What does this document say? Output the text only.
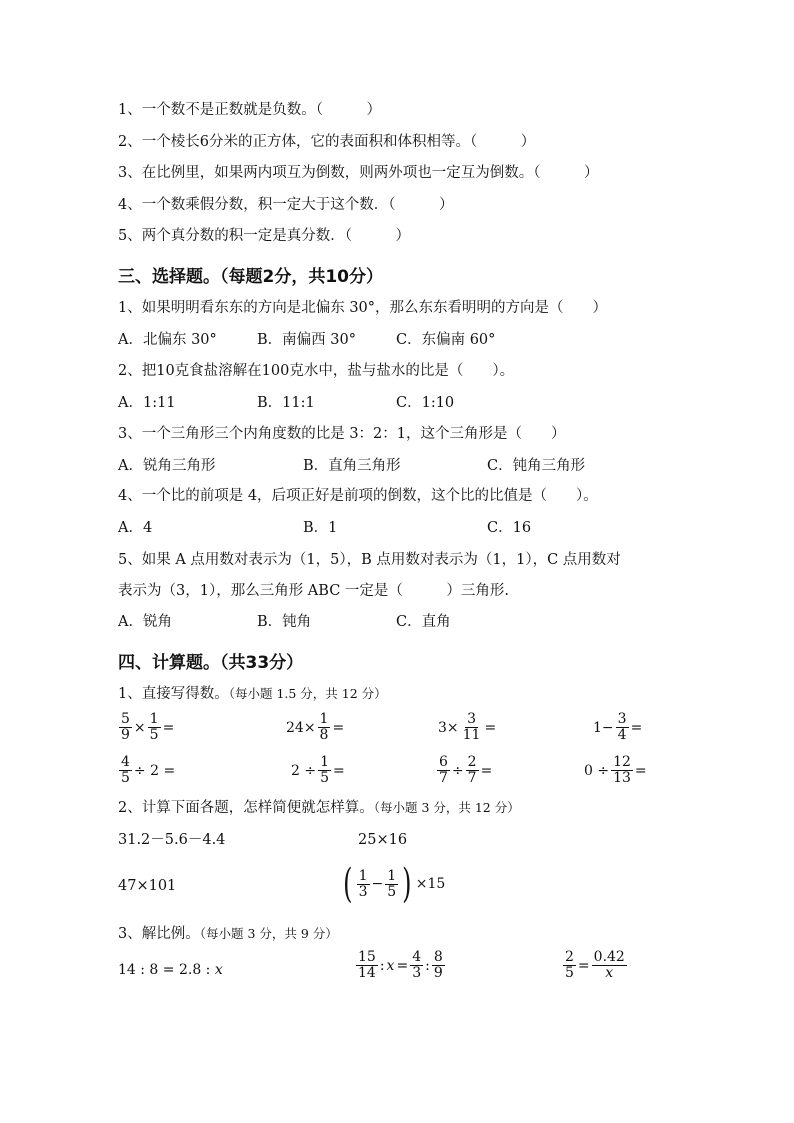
1、一个数不是正数就是负数。（　　　）
2、一个棱长6分米的正方体，它的表面积和体积相等。（　　　）
3、在比例里，如果两内项互为倒数，则两外项也一定互为倒数。（　　　）
4、一个数乘假分数，积一定大于这个数．（　　　）
5、两个真分数的积一定是真分数．（　　　）
三、选择题。（每题2分，共10分）
1、如果明明看东东的方向是北偏东 30°，那么东东看明明的方向是（　　）
A．北偏东 30°	B．南偏西 30°	C．东偏南 60°
2、把10克食盐溶解在100克水中，盐与盐水的比是（　　）。
A．1:11	B．11:1	C．1:10
3、一个三角形三个内角度数的比是 3：2：1，这个三角形是（　　）
A．锐角三角形	B．直角三角形	C．钝角三角形
4、一个比的前项是 4，后项正好是前项的倒数，这个比的比值是（　　）。
A．4	B．1	C．16
5、如果 A 点用数对表示为（1，5），B 点用数对表示为（1，1），C 点用数对
表示为（3，1），那么三角形 ABC 一定是（　　　）三角形.
A．锐角	B．钝角	C．直角
四、计算题。（共33分）
1、直接写得数。（每小题 1.5 分，共 12 分）
$\frac{5}{9} \times \frac{1}{5}$ =	$24\times \frac{1}{8}$ =	$3\times \frac{3}{11}$ =	$1- \frac{3}{4}$ =
$\frac{4}{5} \div 2$ =	$2 \div \frac{1}{5}$ =	$\frac{6}{7} \div \frac{2}{7}$ =	$0 \div \frac{12}{13}$ =
2、计算下面各题，怎样简便就怎样算。（每小题 3 分，共 12 分）
31.2－5.6－4.4	25×16
47×101	( $\frac{1}{3} - \frac{1}{5}$ ) ×15
3、解比例。（每小题 3 分，共 9 分）
14 : 8 = 2.8 : x	$\frac{15}{14}$ : $x = \frac{4}{3}$ : $\frac{8}{9}$	$\frac{2}{5} = \frac{0.42}{x}$
